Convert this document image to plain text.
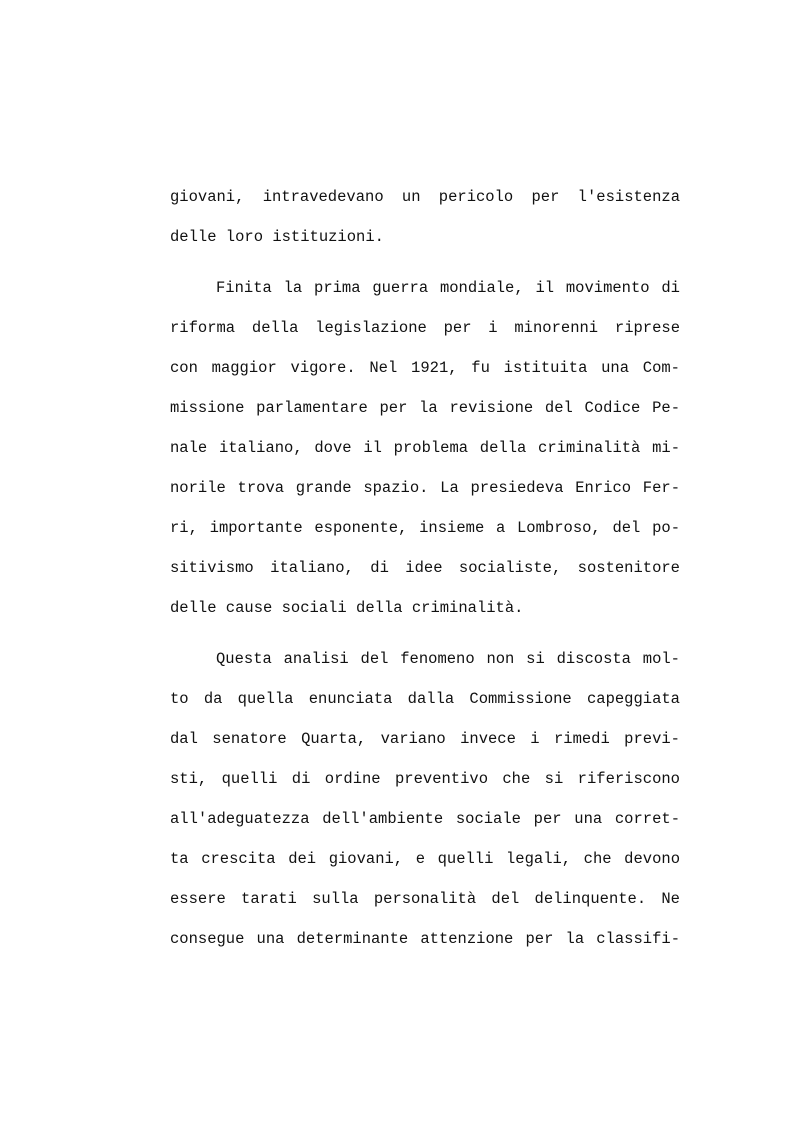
giovani, intravedevano un pericolo per l'esistenza
delle loro istituzioni.
Finita la prima guerra mondiale, il movimento di
riforma della legislazione per i minorenni riprese
con maggior vigore. Nel 1921, fu istituita una Com-
missione parlamentare per la revisione del Codice Pe-
nale italiano, dove il problema della criminalità mi-
norile trova grande spazio. La presiedeva Enrico Fer-
ri, importante esponente, insieme a Lombroso, del po-
sitivismo italiano, di idee socialiste, sostenitore
delle cause sociali della criminalità.
Questa analisi del fenomeno non si discosta mol-
to da quella enunciata dalla Commissione capeggiata
dal senatore Quarta, variano invece i rimedi previ-
sti, quelli di ordine preventivo che si riferiscono
all'adeguatezza dell'ambiente sociale per una corret-
ta crescita dei giovani, e quelli legali, che devono
essere tarati sulla personalità del delinquente. Ne
consegue una determinante attenzione per la classifi-
